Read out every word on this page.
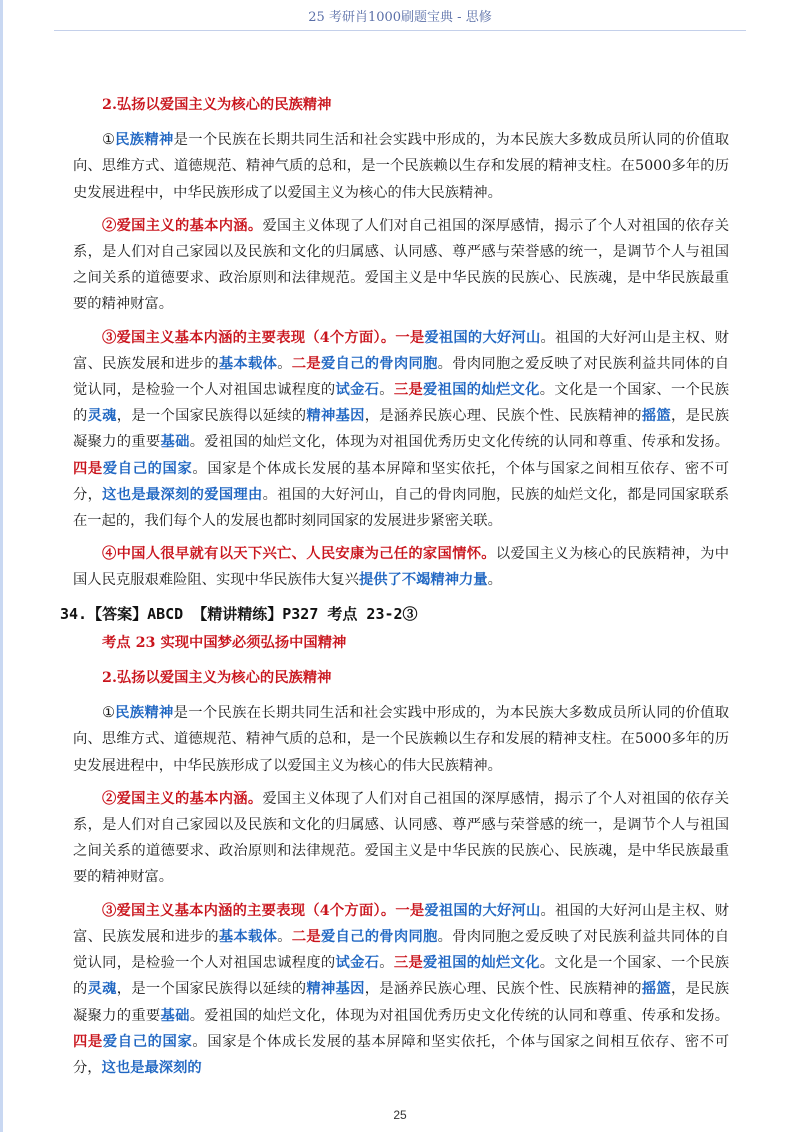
25 考研肖1000刷题宝典 - 思修
2.弘扬以爱国主义为核心的民族精神
①民族精神是一个民族在长期共同生活和社会实践中形成的，为本民族大多数成员所认同的价值取向、思维方式、道德规范、精神气质的总和，是一个民族赖以生存和发展的精神支柱。在5000多年的历史发展进程中，中华民族形成了以爱国主义为核心的伟大民族精神。
②爱国主义的基本内涵。爱国主义体现了人们对自己祖国的深厚感情，揭示了个人对祖国的依存关系，是人们对自己家园以及民族和文化的归属感、认同感、尊严感与荣誉感的统一，是调节个人与祖国之间关系的道德要求、政治原则和法律规范。爱国主义是中华民族的民族心、民族魂，是中华民族最重要的精神财富。
③爱国主义基本内涵的主要表现（4个方面）。一是爱祖国的大好河山。祖国的大好河山是主权、财富、民族发展和进步的基本载体。二是爱自己的骨肉同胞。骨肉同胞之爱反映了对民族利益共同体的自觉认同，是检验一个人对祖国忠诚程度的试金石。三是爱祖国的灿烂文化。文化是一个国家、一个民族的灵魂，是一个国家民族得以延续的精神基因，是涵养民族心理、民族个性、民族精神的摇篮，是民族凝聚力的重要基础。爱祖国的灿烂文化，体现为对祖国优秀历史文化传统的认同和尊重、传承和发扬。四是爱自己的国家。国家是个体成长发展的基本屏障和坚实依托，个体与国家之间相互依存、密不可分，这也是最深刻的爱国理由。祖国的大好河山，自己的骨肉同胞，民族的灿烂文化，都是同国家联系在一起的，我们每个人的发展也都时刻同国家的发展进步紧密关联。
④中国人很早就有以天下兴亡、人民安康为己任的家国情怀。以爱国主义为核心的民族精神，为中国人民克服艰难险阻、实现中华民族伟大复兴提供了不竭精神力量。
34.【答案】ABCD 【精讲精练】P327 考点 23-2③
考点 23 实现中国梦必须弘扬中国精神
2.弘扬以爱国主义为核心的民族精神
①民族精神是一个民族在长期共同生活和社会实践中形成的，为本民族大多数成员所认同的价值取向、思维方式、道德规范、精神气质的总和，是一个民族赖以生存和发展的精神支柱。在5000多年的历史发展进程中，中华民族形成了以爱国主义为核心的伟大民族精神。
②爱国主义的基本内涵。爱国主义体现了人们对自己祖国的深厚感情，揭示了个人对祖国的依存关系，是人们对自己家园以及民族和文化的归属感、认同感、尊严感与荣誉感的统一，是调节个人与祖国之间关系的道德要求、政治原则和法律规范。爱国主义是中华民族的民族心、民族魂，是中华民族最重要的精神财富。
③爱国主义基本内涵的主要表现（4个方面）。一是爱祖国的大好河山。祖国的大好河山是主权、财富、民族发展和进步的基本载体。二是爱自己的骨肉同胞。骨肉同胞之爱反映了对民族利益共同体的自觉认同，是检验一个人对祖国忠诚程度的试金石。三是爱祖国的灿烂文化。文化是一个国家、一个民族的灵魂，是一个国家民族得以延续的精神基因，是涵养民族心理、民族个性、民族精神的摇篮，是民族凝聚力的重要基础。爱祖国的灿烂文化，体现为对祖国优秀历史文化传统的认同和尊重、传承和发扬。四是爱自己的国家。国家是个体成长发展的基本屏障和坚实依托，个体与国家之间相互依存、密不可分，这也是最深刻的
25
